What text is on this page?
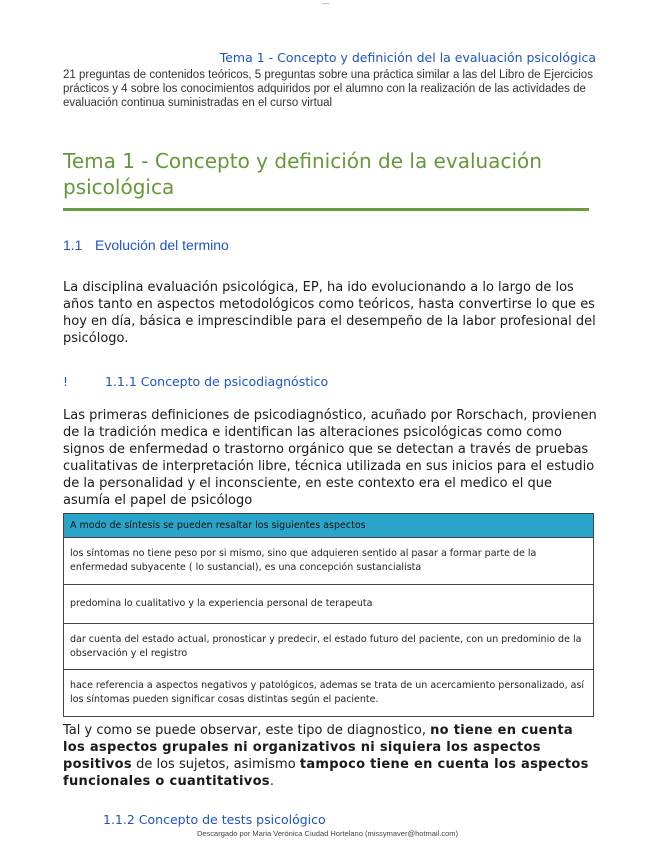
—
Tema 1 - Concepto y definición del la evaluación psicológica
21 preguntas de contenidos teóricos, 5 preguntas sobre una práctica similar a las del Libro de Ejercicios prácticos y 4 sobre los conocimientos adquiridos por el alumno con la realización de las actividades de evaluación continua suministradas en el curso virtual
Tema 1 - Concepto y definición de la evaluación psicológica
1.1 Evolución del termino
La disciplina evaluación psicológica, EP, ha ido evolucionando a lo largo de los años tanto en aspectos metodológicos como teóricos, hasta convertirse lo que es hoy en día, básica e imprescindible para el desempeño de la labor profesional del psicólogo.
!	1.1.1 Concepto de psicodiagnóstico
Las primeras definiciones de psicodiagnóstico, acuñado por Rorschach, provienen de la tradición medica e identifican las alteraciones psicológicas como como signos de enfermedad o trastorno orgánico que se detectan a través de pruebas cualitativas de interpretación libre, técnica utilizada en sus inicios para el estudio de la personalidad y el inconsciente, en este contexto era el medico el que asumía el papel de psicólogo
A modo de síntesis se pueden resaltar los siguientes aspectos
los síntomas no tiene peso por si mismo, sino que adquieren sentido al pasar a formar parte de la enfermedad subyacente ( lo sustancial), es una concepción sustancialista
predomina lo cualitativo y la experiencia personal de terapeuta
dar cuenta del estado actual, pronosticar y predecir, el estado futuro del paciente, con un predominio de la observación y el registro
hace referencia a aspectos negativos y patológicos, ademas se trata de un acercamiento personalizado, así los síntomas pueden significar cosas distintas según el paciente.
Tal y como se puede observar, este tipo de diagnostico, no tiene en cuenta los aspectos grupales ni organizativos ni siquiera los aspectos positivos de los sujetos, asimismo tampoco tiene en cuenta los aspectos funcionales o cuantitativos.
1.1.2 Concepto de tests psicológico
Descargado por Maria Verónica Ciudad Hortelano (missymaver@hotmail.com)
